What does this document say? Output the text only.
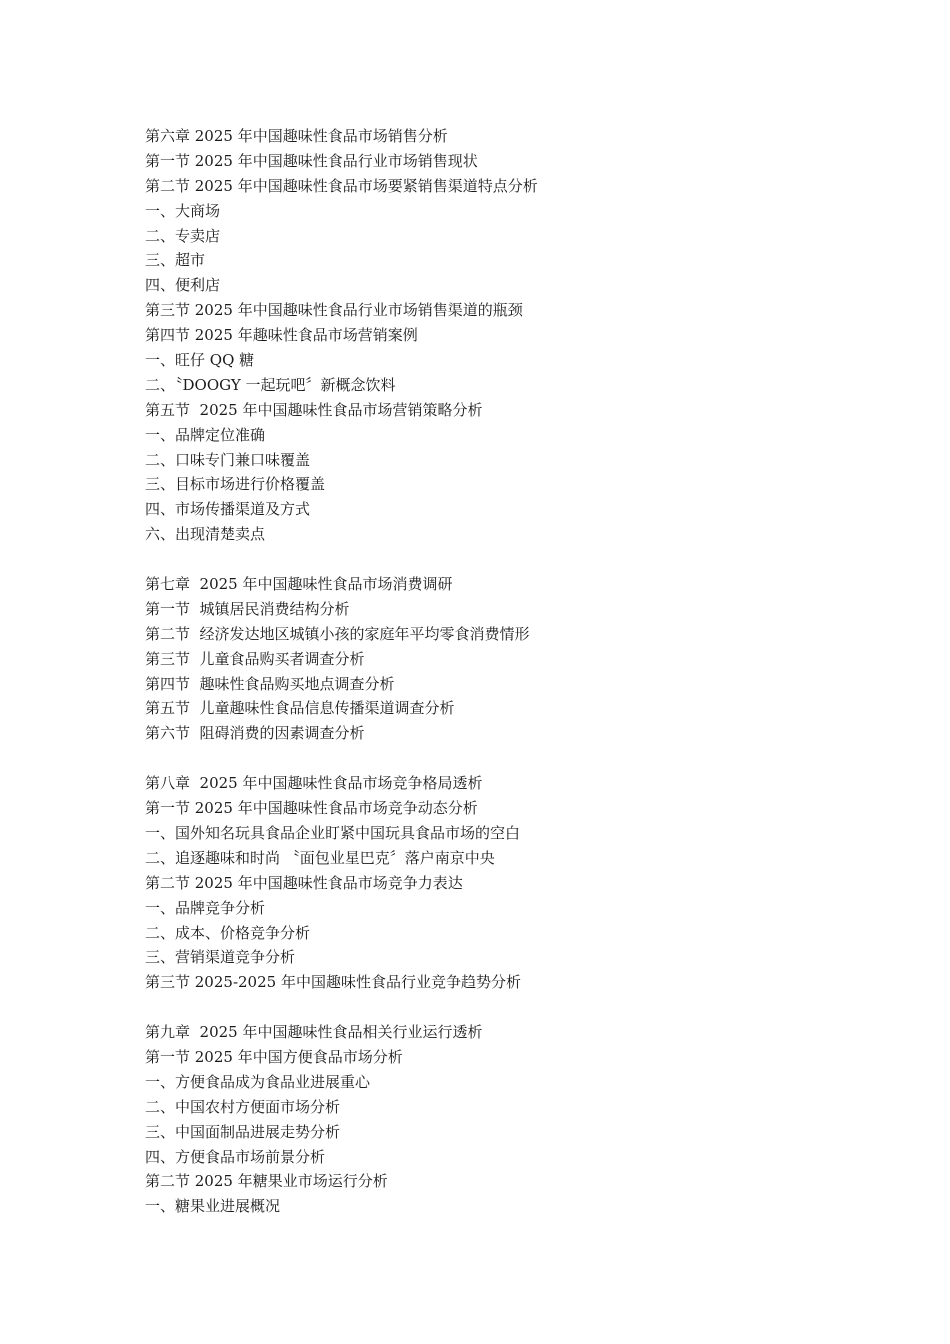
第六章 2025 年中国趣味性食品市场销售分析
第一节 2025 年中国趣味性食品行业市场销售现状
第二节 2025 年中国趣味性食品市场要紧销售渠道特点分析
一、大商场
二、专卖店
三、超市
四、便利店
第三节 2025 年中国趣味性食品行业市场销售渠道的瓶颈
第四节 2025 年趣味性食品市场营销案例
一、旺仔 QQ 糖
二、〝DOOGY 一起玩吧〞新概念饮料
第五节  2025 年中国趣味性食品市场营销策略分析
一、品牌定位准确
二、口味专门兼口味覆盖
三、目标市场进行价格覆盖
四、市场传播渠道及方式
六、出现清楚卖点
第七章  2025 年中国趣味性食品市场消费调研
第一节  城镇居民消费结构分析
第二节  经济发达地区城镇小孩的家庭年平均零食消费情形
第三节  儿童食品购买者调查分析
第四节  趣味性食品购买地点调查分析
第五节  儿童趣味性食品信息传播渠道调查分析
第六节  阻碍消费的因素调查分析
第八章  2025 年中国趣味性食品市场竞争格局透析
第一节 2025 年中国趣味性食品市场竞争动态分析
一、国外知名玩具食品企业盯紧中国玩具食品市场的空白
二、追逐趣味和时尚 〝面包业星巴克〞落户南京中央
第二节 2025 年中国趣味性食品市场竞争力表达
一、品牌竞争分析
二、成本、价格竞争分析
三、营销渠道竞争分析
第三节 2025-2025 年中国趣味性食品行业竞争趋势分析
第九章  2025 年中国趣味性食品相关行业运行透析
第一节 2025 年中国方便食品市场分析
一、方便食品成为食品业进展重心
二、中国农村方便面市场分析
三、中国面制品进展走势分析
四、方便食品市场前景分析
第二节 2025 年糖果业市场运行分析
一、糖果业进展概况
